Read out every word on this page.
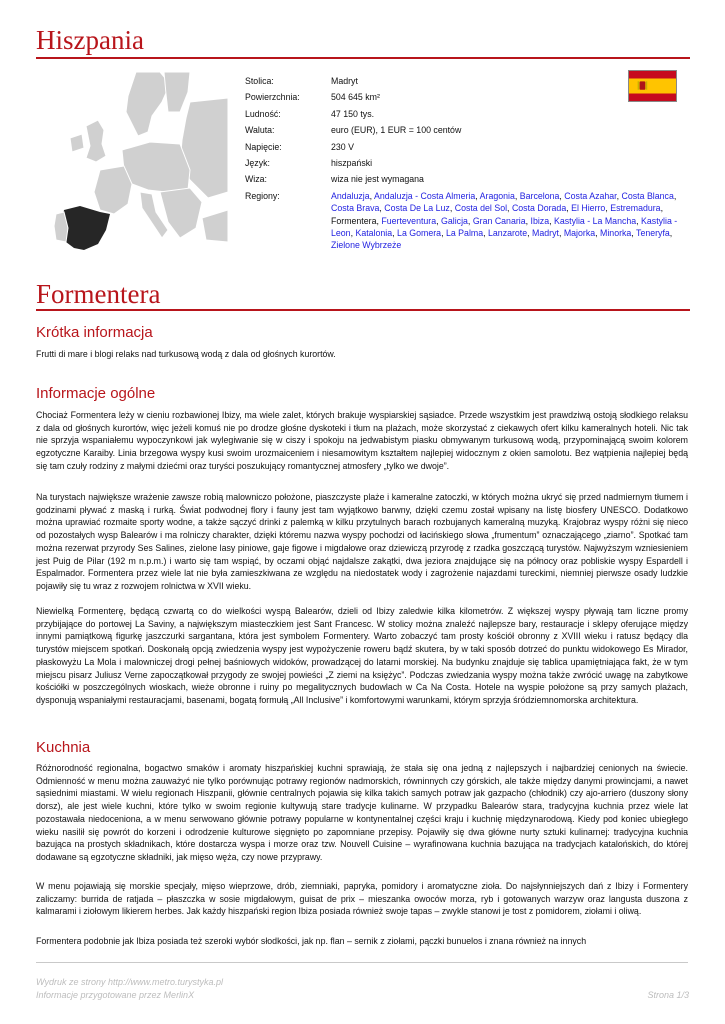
Hiszpania
Stolica:	Madryt
Powierzchnia:	504 645 km²
Ludność:	47 150 tys.
Waluta:	euro (EUR), 1 EUR = 100 centów
Napięcie:	230 V
Język:	hiszpański
Wiza:	wiza nie jest wymagana
Regiony:	Andaluzja, Andaluzja - Costa Almeria, Aragonia, Barcelona, Costa Azahar, Costa Blanca, Costa Brava, Costa De La Luz, Costa del Sol, Costa Dorada, El Hierro, Estremadura, Formentera, Fuerteventura, Galicja, Gran Canaria, Ibiza, Kastylia - La Mancha, Kastylia - Leon, Katalonia, La Gomera, La Palma, Lanzarote, Madryt, Majorka, Minorka, Teneryfa, Zielone Wybrzeże
Formentera
Krótka informacja
Frutti di mare i blogi relaks nad turkusową wodą z dala od głośnych kurortów.
Informacje ogólne
Chociaż Formentera leży w cieniu rozbawionej Ibizy, ma wiele zalet, których brakuje wyspiarskiej sąsiadce. Przede wszystkim jest prawdziwą ostoją słodkiego relaksu z dala od głośnych kurortów, więc jeżeli komuś nie po drodze głośne dyskoteki i tłum na plażach, może skorzystać z ciekawych ofert kilku kameralnych hoteli. Nic tak nie sprzyja wspaniałemu wypoczynkowi jak wylegiwanie się w ciszy i spokoju na jedwabistym piasku obmywanym turkusową wodą, przypominającą swoim kolorem egzotyczne Karaiby. Linia brzegowa wyspy kusi swoim urozmaiceniem i niesamowitym kształtem najlepiej widocznym z okien samolotu. Bez wątpienia najlepiej będą się tam czuły rodziny z małymi dziećmi oraz turyści poszukujący romantycznej atmosfery „tylko we dwoje”.
Na turystach największe wrażenie zawsze robią malowniczo położone, piaszczyste plaże i kameralne zatoczki, w których można ukryć się przed nadmiernym tłumem i godzinami pływać z maską i rurką. Świat podwodnej flory i fauny jest tam wyjątkowo barwny, dzięki czemu został wpisany na listę biosfery UNESCO. Dodatkowo można uprawiać rozmaite sporty wodne, a także sączyć drinki z palemką w kilku przytulnych barach rozbujanych kameralną muzyką. Krajobraz wyspy różni się nieco od pozostałych wysp Balearów i ma rolniczy charakter, dzięki któremu nazwa wyspy pochodzi od łacińskiego słowa „frumentum” oznaczającego „ziarno”. Spotkać tam można rezerwat przyrody Ses Salines, zielone lasy piniowe, gaje figowe i migdałowe oraz dziewiczą przyrodę z rzadka goszczącą turystów. Najwyższym wzniesieniem jest Puig de Pilar (192 m n.p.m.) i warto się tam wspiąć, by oczami objąć najdalsze zakątki, dwa jeziora znajdujące się na północy oraz pobliskie wyspy Espardell i Espalmador. Formentera przez wiele lat nie była zamieszkiwana ze względu na niedostatek wody i zagrożenie najazdami tureckimi, niemniej pierwsze osady ludzkie pojawiły się tu wraz z rozwojem rolnictwa w XVII wieku.
Niewielką Formenterę, będącą czwartą co do wielkości wyspą Balearów, dzieli od Ibizy zaledwie kilka kilometrów. Z większej wyspy pływają tam liczne promy przybijające do portowej La Saviny, a największym miasteczkiem jest Sant Francesc. W stolicy można znaleźć najlepsze bary, restauracje i sklepy oferujące między innymi pamiątkową figurkę jaszczurki sargantana, która jest symbolem Formentery. Warto zobaczyć tam prosty kościół obronny z XVIII wieku i ratusz będący dla turystów miejscem spotkań. Doskonałą opcją zwiedzenia wyspy jest wypożyczenie roweru bądź skutera, by w taki sposób dotrzeć do punktu widokowego Es Mirador, płaskowyżu La Mola i malowniczej drogi pełnej baśniowych widoków, prowadzącej do latarni morskiej. Na budynku znajduje się tablica upamiętniająca fakt, że w tym miejscu pisarz Juliusz Verne zapoczątkował przygody ze swojej powieści „Z ziemi na księżyc”. Podczas zwiedzania wyspy można także zwrócić uwagę na zabytkowe kościółki w poszczególnych wioskach, wieże obronne i ruiny po megalitycznych budowlach w Ca Na Costa. Hotele na wyspie położone są przy samych plażach, dysponują wspaniałymi restauracjami, basenami, bogatą formułą „All Inclusive” i komfortowymi warunkami, którym sprzyja śródziemnomorska architektura.
Kuchnia
Różnorodność regionalna, bogactwo smaków i aromaty hiszpańskiej kuchni sprawiają, że stała się ona jedną z najlepszych i najbardziej cenionych na świecie. Odmienność w menu można zauważyć nie tylko porównując potrawy regionów nadmorskich, równinnych czy górskich, ale także między danymi prowincjami, a nawet sąsiednimi miastami. W wielu regionach Hiszpanii, głównie centralnych pojawia się kilka takich samych potraw jak gazpacho (chłodnik) czy ajo-arriero (duszony słony dorsz), ale jest wiele kuchni, które tylko w swoim regionie kultywują stare tradycje kulinarne. W przypadku Balearów stara, tradycyjna kuchnia przez wiele lat pozostawała niedoceniona, a w menu serwowano głównie potrawy popularne w kontynentalnej części kraju i kuchnię międzynarodową. Kiedy pod koniec ubiegłego wieku nasilił się powrót do korzeni i odrodzenie kulturowe sięgnięto po zapomniane przepisy. Pojawiły się dwa główne nurty sztuki kulinarnej: tradycyjna kuchnia bazująca na prostych składnikach, które dostarcza wyspa i morze oraz tzw. Nouvell Cuisine – wyrafinowana kuchnia bazująca na tradycjach katalońskich, do której dodawane są egzotyczne składniki, jak mięso węża, czy nowe przyprawy.
W menu pojawiają się morskie specjały, mięso wieprzowe, drób, ziemniaki, papryka, pomidory i aromatyczne zioła. Do najsłynniejszych dań z Ibizy i Formentery zaliczamy: burrida de ratjada – płaszczka w sosie migdałowym, guisat de prix – mieszanka owoców morza, ryb i gotowanych warzyw oraz langusta duszona z kalmarami i ziołowym likierem herbes. Jak każdy hiszpański region Ibiza posiada również swoje tapas – zwykle stanowi je tost z pomidorem, ziołami i oliwą.
Formentera podobnie jak Ibiza posiada też szeroki wybór słodkości, jak np. flan – sernik z ziołami, pączki bunuelos i znana również na innych
Wydruk ze strony http://www.metro.turystyka.pl
Informacje przygotowane przez MerlinX	Strona 1/3
